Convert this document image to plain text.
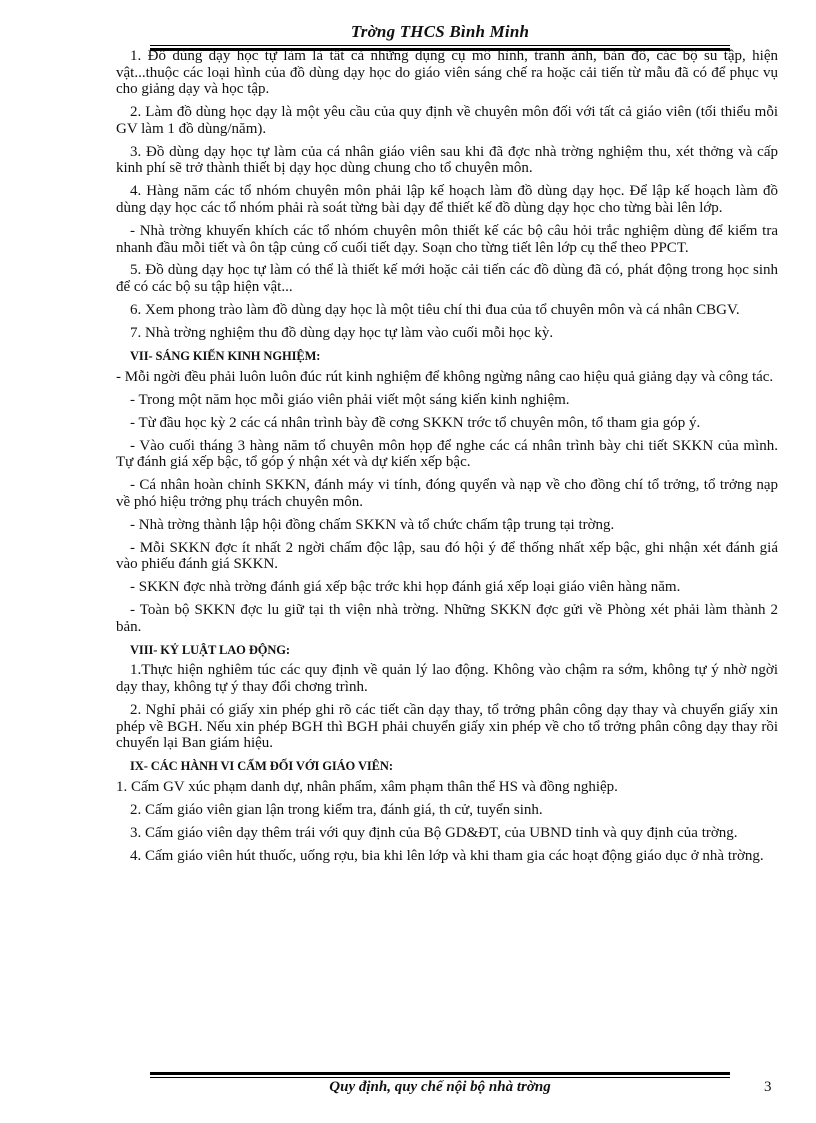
Trờng THCS Bình Minh

1. Đồ dùng dạy học tự làm là tất cả những dụng cụ mô hình, tranh ảnh, bản đồ, các bộ su tập, hiện vật...thuộc các loại hình của đồ dùng dạy học do giáo viên sáng chế ra hoặc cải tiến từ mẫu đã có để phục vụ cho giảng dạy và học tập.

2. Làm đồ dùng học dạy là một yêu cầu của quy định về chuyên môn đối với tất cả giáo viên (tối thiểu mỗi GV làm 1 đồ dùng/năm).

3. Đồ dùng dạy học tự làm của cá nhân giáo viên sau khi đã đợc nhà trờng nghiệm thu, xét thởng và cấp kinh phí sẽ trở thành thiết bị dạy học dùng chung cho tổ chuyên môn.

4. Hàng năm các tổ nhóm chuyên môn phải lập kế hoạch làm đồ dùng dạy học. Để lập kế hoạch làm đồ dùng dạy học các tổ nhóm phải rà soát từng bài dạy để thiết kế đồ dùng dạy học cho từng bài lên lớp.

- Nhà trờng khuyến khích các tổ nhóm chuyên môn thiết kế các bộ câu hỏi trắc nghiệm dùng để kiểm tra nhanh đầu mỗi tiết và ôn tập củng cố cuối tiết dạy. Soạn cho từng tiết lên lớp cụ thể theo PPCT.

5. Đồ dùng dạy học tự làm có thể là thiết kế mới hoặc cải tiến các đồ dùng đã có, phát động trong học sinh để có các bộ su tập hiện vật...

6. Xem phong trào làm đồ dùng dạy học là một tiêu chí thi đua của tổ chuyên môn và cá nhân CBGV.

7. Nhà trờng nghiệm thu đồ dùng dạy học tự làm vào cuối mỗi học kỳ.

VII- SÁNG KIẾN KINH NGHIỆM:

- Mỗi ngời đều phải luôn luôn đúc rút kinh nghiệm để không ngừng nâng cao hiệu quả giảng dạy và công tác.

- Trong một năm học mỗi giáo viên phải viết một sáng kiến kinh nghiệm.

- Từ đầu học kỳ 2 các cá nhân trình bày đề cơng SKKN trớc tổ chuyên môn, tổ tham gia góp ý.

- Vào cuối tháng 3 hàng năm tổ chuyên môn họp để nghe các cá nhân trình bày chi tiết SKKN của mình. Tự đánh giá xếp bậc, tổ góp ý nhận xét và dự kiến xếp bậc.

- Cá nhân hoàn chỉnh SKKN, đánh máy vi tính, đóng quyển và nạp về cho đồng chí tổ trởng, tổ trởng nạp về phó hiệu trởng phụ trách chuyên môn.

- Nhà trờng thành lập hội đồng chấm SKKN và tổ chức chấm tập trung tại trờng.

- Mỗi SKKN đợc ít nhất 2 ngời chấm độc lập, sau đó hội ý để thống nhất xếp bậc, ghi nhận xét đánh giá vào phiếu đánh giá SKKN.

- SKKN đợc nhà trờng đánh giá xếp bậc trớc khi họp đánh giá xếp loại giáo viên hàng năm.

- Toàn bộ SKKN đợc lu giữ tại th viện nhà trờng. Những SKKN đợc gửi về Phòng xét phải làm thành 2 bản.

VIII- KỶ LUẬT LAO ĐỘNG:

1.Thực hiện nghiêm túc các quy định về quản lý lao động. Không vào chậm ra sớm, không tự ý nhờ ngời dạy thay, không tự ý thay đổi chơng trình.

2. Nghỉ phải có giấy xin phép ghi rõ các tiết cần dạy thay, tổ trởng phân công dạy thay và chuyển giấy xin phép về BGH. Nếu xin phép BGH thì BGH phải chuyển giấy xin phép về cho tổ trởng phân công dạy thay rồi chuyển lại Ban giám hiệu.

IX- CÁC HÀNH VI CẤM ĐỐI VỚI GIÁO VIÊN:

1. Cấm GV xúc phạm danh dự, nhân phẩm, xâm phạm thân thể HS và đồng nghiệp.

2. Cấm giáo viên gian lận trong kiểm tra, đánh giá, th cử, tuyển sinh.

3. Cấm giáo viên dạy thêm trái với quy định của Bộ GD&ĐT, của UBND tỉnh và quy định của trờng.

4. Cấm giáo viên hút thuốc, uống rợu, bia khi lên lớp và khi tham gia các hoạt động giáo dục ở nhà trờng.

Quy định, quy chế nội bộ nhà trờng	3
